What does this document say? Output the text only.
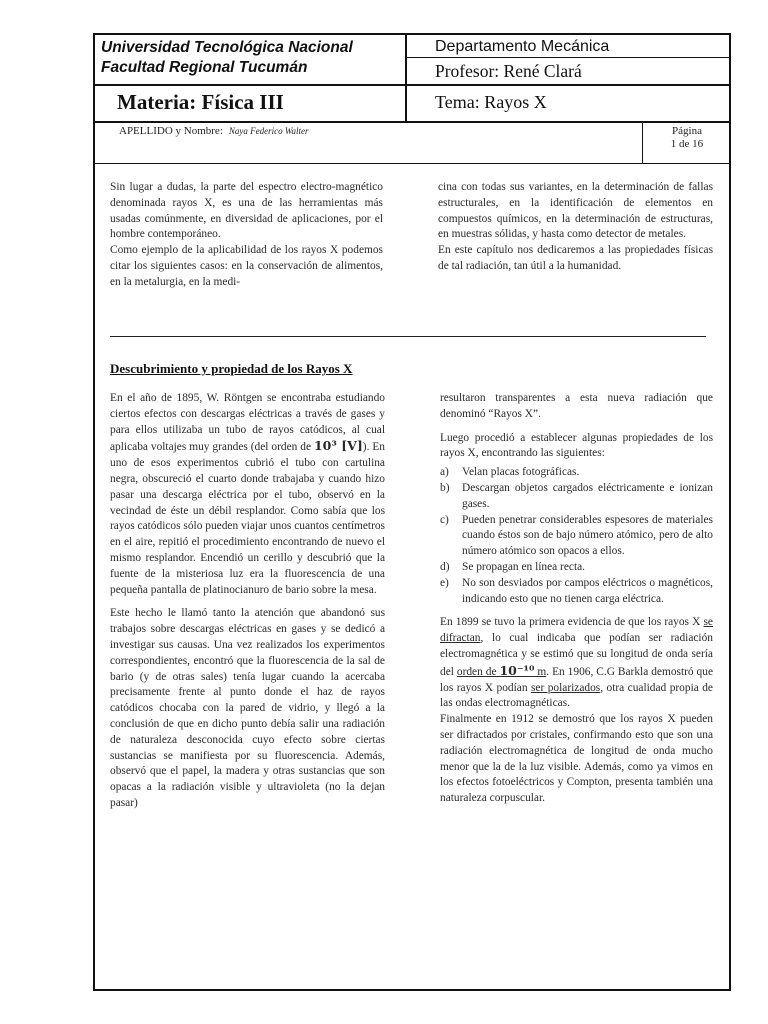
Universidad Tecnológica Nacional
Facultad Regional Tucumán
Departamento Mecánica
Profesor: René Clará
Materia: Física III	Tema: Rayos X
APELLIDO y Nombre: Naya Federico Walter	Página
1 de 16

Sin lugar a dudas, la parte del espectro electro-magnético denominada rayos X, es una de las herramientas más usadas comúnmente, en diversidad de aplicaciones, por el hombre contemporáneo.

Como ejemplo de la aplicabilidad de los rayos X podemos citar los siguientes casos: en la conservación de alimentos, en la metalurgia, en la medi-

cina con todas sus variantes, en la determinación de fallas estructurales, en la identificación de elementos en compuestos químicos, en la determinación de estructuras, en muestras sólidas, y hasta como detector de metales.

En este capítulo nos dedicaremos a las propiedades físicas de tal radiación, tan útil a la humanidad.

Descubrimiento y propiedad de los Rayos X

En el año de 1895, W. Röntgen se encontraba estudiando ciertos efectos con descargas eléctricas a través de gases y para ellos utilizaba un tubo de rayos catódicos, al cual aplicaba voltajes muy grandes (del orden de 10³ [V]). En uno de esos experimentos cubrió el tubo con cartulina negra, obscureció el cuarto donde trabajaba y cuando hizo pasar una descarga eléctrica por el tubo, observó en la vecindad de éste un débil resplandor. Como sabía que los rayos catódicos sólo pueden viajar unos cuantos centímetros en el aire, repitió el procedimiento encontrando de nuevo el mismo resplandor. Encendió un cerillo y descubrió que la fuente de la misteriosa luz era la fluorescencia de una pequeña pantalla de platinocianuro de bario sobre la mesa.

Este hecho le llamó tanto la atención que abandonó sus trabajos sobre descargas eléctricas en gases y se dedicó a investigar sus causas. Una vez realizados los experimentos correspondientes, encontró que la fluorescencia de la sal de bario (y de otras sales) tenía lugar cuando la acercaba precisamente frente al punto donde el haz de rayos catódicos chocaba con la pared de vidrio, y llegó a la conclusión de que en dicho punto debía salir una radiación de naturaleza desconocida cuyo efecto sobre ciertas sustancias se manifiesta por su fluorescencia. Además, observó que el papel, la madera y otras sustancias que son opacas a la radiación visible y ultravioleta (no la dejan pasar)

resultaron transparentes a esta nueva radiación que denominó “Rayos X”.

Luego procedió a establecer algunas propiedades de los rayos X, encontrando las siguientes:

a)	Velan placas fotográficas.
b)	Descargan objetos cargados eléctricamente e ionizan gases.
c)	Pueden penetrar considerables espesores de materiales cuando éstos son de bajo número atómico, pero de alto número atómico son opacos a ellos.
d)	Se propagan en línea recta.
e)	No son desviados por campos eléctricos o magnéticos, indicando esto que no tienen carga eléctrica.

En 1899 se tuvo la primera evidencia de que los rayos X se difractan, lo cual indicaba que podían ser radiación electromagnética y se estimó que su longitud de onda sería del orden de 10⁻¹⁰ m. En 1906, C.G Barkla demostró que los rayos X podían ser polarizados, otra cualidad propia de las ondas electromagnéticas.

Finalmente en 1912 se demostró que los rayos X pueden ser difractados por cristales, confirmando esto que son una radiación electromagnética de longitud de onda mucho menor que la de la luz visible. Además, como ya vimos en los efectos fotoeléctricos y Compton, presenta también una naturaleza corpuscular.
